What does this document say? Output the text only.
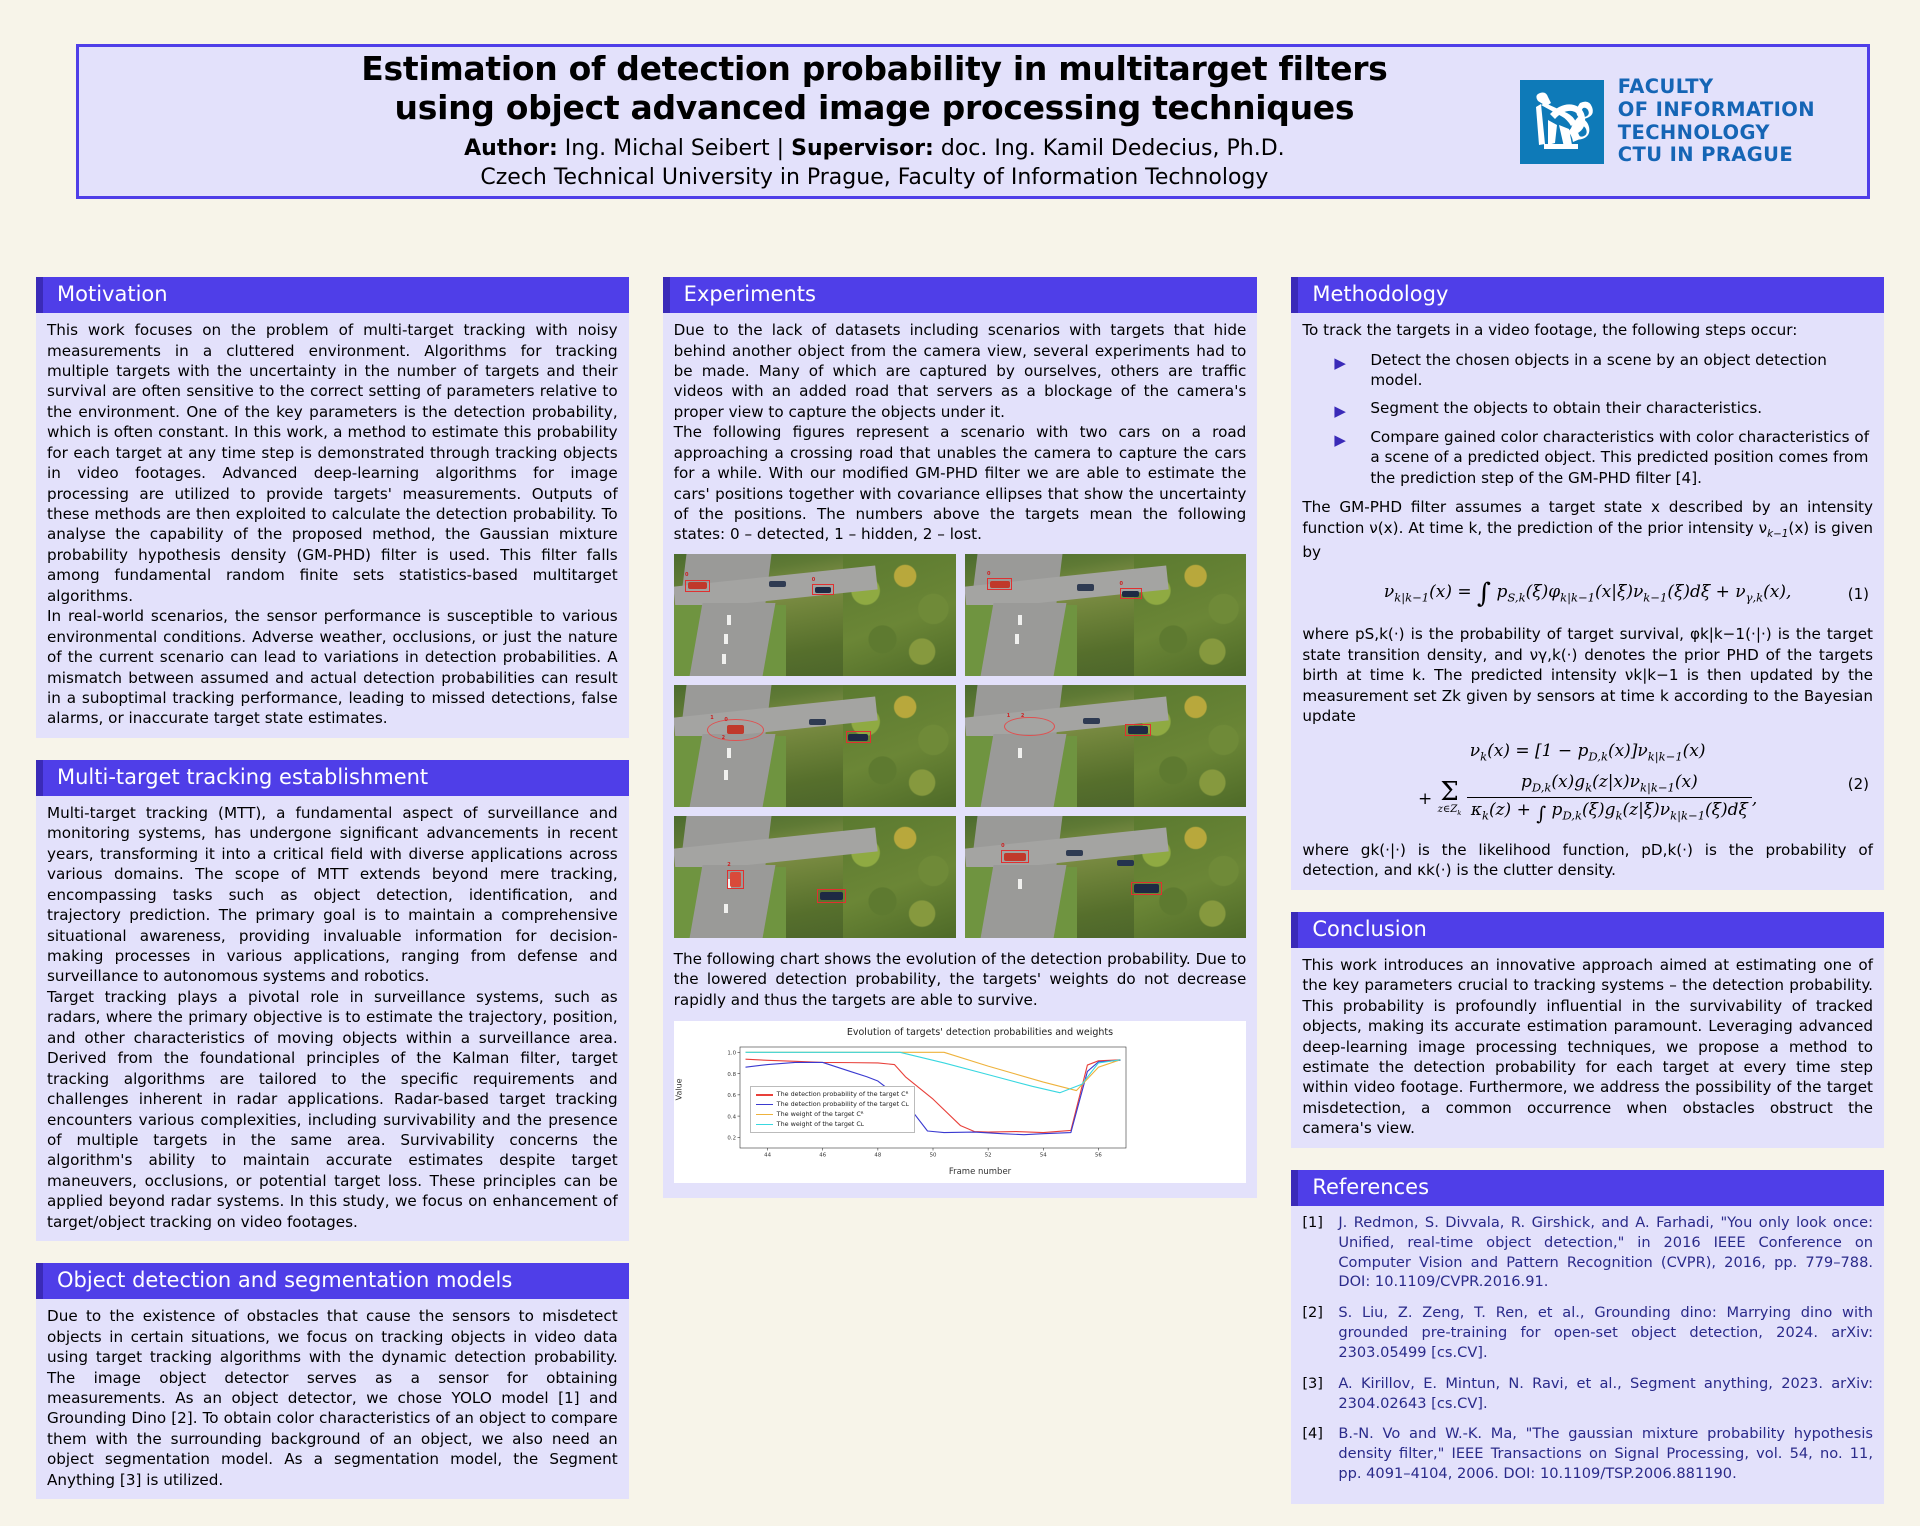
Estimation of detection probability in multitarget filters
using object advanced image processing techniques
Author: Ing. Michal Seibert | Supervisor: doc. Ing. Kamil Dedecius, Ph.D.
Czech Technical University in Prague, Faculty of Information Technology
FACULTY
OF INFORMATION
TECHNOLOGY
CTU IN PRAGUE
Motivation

This work focuses on the problem of multi-target tracking with noisy measurements in a cluttered environment. Algorithms for tracking multiple targets with the uncertainty in the number of targets and their survival are often sensitive to the correct setting of parameters relative to the environment. One of the key parameters is the detection probability, which is often constant. In this work, a method to estimate this probability for each target at any time step is demonstrated through tracking objects in video footages. Advanced deep-learning algorithms for image processing are utilized to provide targets' measurements. Outputs of these methods are then exploited to calculate the detection probability. To analyse the capability of the proposed method, the Gaussian mixture probability hypothesis density (GM-PHD) filter is used. This filter falls among fundamental random finite sets statistics-based multitarget algorithms.

In real-world scenarios, the sensor performance is susceptible to various environmental conditions. Adverse weather, occlusions, or just the nature of the current scenario can lead to variations in detection probabilities. A mismatch between assumed and actual detection probabilities can result in a suboptimal tracking performance, leading to missed detections, false alarms, or inaccurate target state estimates.

Multi-target tracking establishment

Multi-target tracking (MTT), a fundamental aspect of surveillance and monitoring systems, has undergone significant advancements in recent years, transforming it into a critical field with diverse applications across various domains. The scope of MTT extends beyond mere tracking, encompassing tasks such as object detection, identification, and trajectory prediction. The primary goal is to maintain a comprehensive situational awareness, providing invaluable information for decision-making processes in various applications, ranging from defense and surveillance to autonomous systems and robotics.

Target tracking plays a pivotal role in surveillance systems, such as radars, where the primary objective is to estimate the trajectory, position, and other characteristics of moving objects within a surveillance area. Derived from the foundational principles of the Kalman filter, target tracking algorithms are tailored to the specific requirements and challenges inherent in radar applications. Radar-based target tracking encounters various complexities, including survivability and the presence of multiple targets in the same area. Survivability concerns the algorithm's ability to maintain accurate estimates despite target maneuvers, occlusions, or potential target loss. These principles can be applied beyond radar systems. In this study, we focus on enhancement of target/object tracking on video footages.

Object detection and segmentation models

Due to the existence of obstacles that cause the sensors to misdetect objects in certain situations, we focus on tracking objects in video data using target tracking algorithms with the dynamic detection probability. The image object detector serves as a sensor for obtaining measurements. As an object detector, we chose YOLO model [1] and Grounding Dino [2]. To obtain color characteristics of an object to compare them with the surrounding background of an object, we also need an object segmentation model. As a segmentation model, the Segment Anything [3] is utilized.

Experiments

Due to the lack of datasets including scenarios with targets that hide behind another object from the camera view, several experiments had to be made. Many of which are captured by ourselves, others are traffic videos with an added road that servers as a blockage of the camera's proper view to capture the objects under it.

The following figures represent a scenario with two cars on a road approaching a crossing road that unables the camera to capture the cars for a while. With our modified GM-PHD filter we are able to estimate the cars' positions together with covariance ellipses that show the uncertainty of the positions. The numbers above the targets mean the following states: 0 – detected, 1 – hidden, 2 – lost.

0
0
0
0
1 0
2
1 2
2
0

The following chart shows the evolution of the detection probability. Due to the lowered detection probability, the targets' weights do not decrease rapidly and thus the targets are able to survive.

Evolution of targets' detection probabilities and weights
Value
0.2
0.4
0.6
0.8
1.0
44	46	48	50	52	54	56
The detection probability of the target Cᴿ
The detection probability of the target Cʟ
The weight of the target Cᴿ
The weight of the target Cʟ
Frame number
Methodology

To track the targets in a video footage, the following steps occur:

▶ Detect the chosen objects in a scene by an object detection model.
▶ Segment the objects to obtain their characteristics.
▶ Compare gained color characteristics with color characteristics of a scene of a predicted object. This predicted position comes from the prediction step of the GM-PHD filter [4].

The GM-PHD filter assumes a target state x described by an intensity function ν(x). At time k, the prediction of the prior intensity $\nu_{k-1}(x)$ is given by

$\nu_{k|k-1}(x)$ = ∫ $p_{S,k}(\xi)\varphi_{k|k-1}(x|\xi)\nu_{k-1}(\xi)d\xi + \nu_{\gamma,k}(x)$,	(1)

where pS,k(·) is the probability of target survival, φk|k−1(·|·) is the target state transition density, and νγ,k(·) denotes the prior PHD of the targets birth at time k. The predicted intensity νk|k−1 is then updated by the measurement set Zk given by sensors at time k according to the Bayesian update

$\nu_k(x) = [1 - p_{D,k}(x)]\nu_{k|k-1}(x)$
+ Σ
$z\in Z_k$
$\frac{p_{D,k}(x)g_k(z|x)\nu_{k|k-1}(x)}{\kappa_k(z) + \int p_{D,k}(\xi)g_k(z|\xi)\nu_{k|k-1}(\xi)d\xi}$ ,
(2)

where gk(·|·) is the likelihood function, pD,k(·) is the probability of detection, and κk(·) is the clutter density.

Conclusion

This work introduces an innovative approach aimed at estimating one of the key parameters crucial to tracking systems – the detection probability. This probability is profoundly influential in the survivability of tracked objects, making its accurate estimation paramount. Leveraging advanced deep-learning image processing techniques, we propose a method to estimate the detection probability for each target at every time step within video footage. Furthermore, we address the possibility of the target misdetection, a common occurrence when obstacles obstruct the camera's view.

References
[1]	J. Redmon, S. Divvala, R. Girshick, and A. Farhadi, "You only look once: Unified, real-time object detection," in 2016 IEEE Conference on Computer Vision and Pattern Recognition (CVPR), 2016, pp. 779–788. DOI: 10.1109/CVPR.2016.91.
[2]	S. Liu, Z. Zeng, T. Ren, et al., Grounding dino: Marrying dino with grounded pre-training for open-set object detection, 2024. arXiv: 2303.05499 [cs.CV].
[3]	A. Kirillov, E. Mintun, N. Ravi, et al., Segment anything, 2023. arXiv: 2304.02643 [cs.CV].
[4]	B.-N. Vo and W.-K. Ma, "The gaussian mixture probability hypothesis density filter," IEEE Transactions on Signal Processing, vol. 54, no. 11, pp. 4091–4104, 2006. DOI: 10.1109/TSP.2006.881190.
